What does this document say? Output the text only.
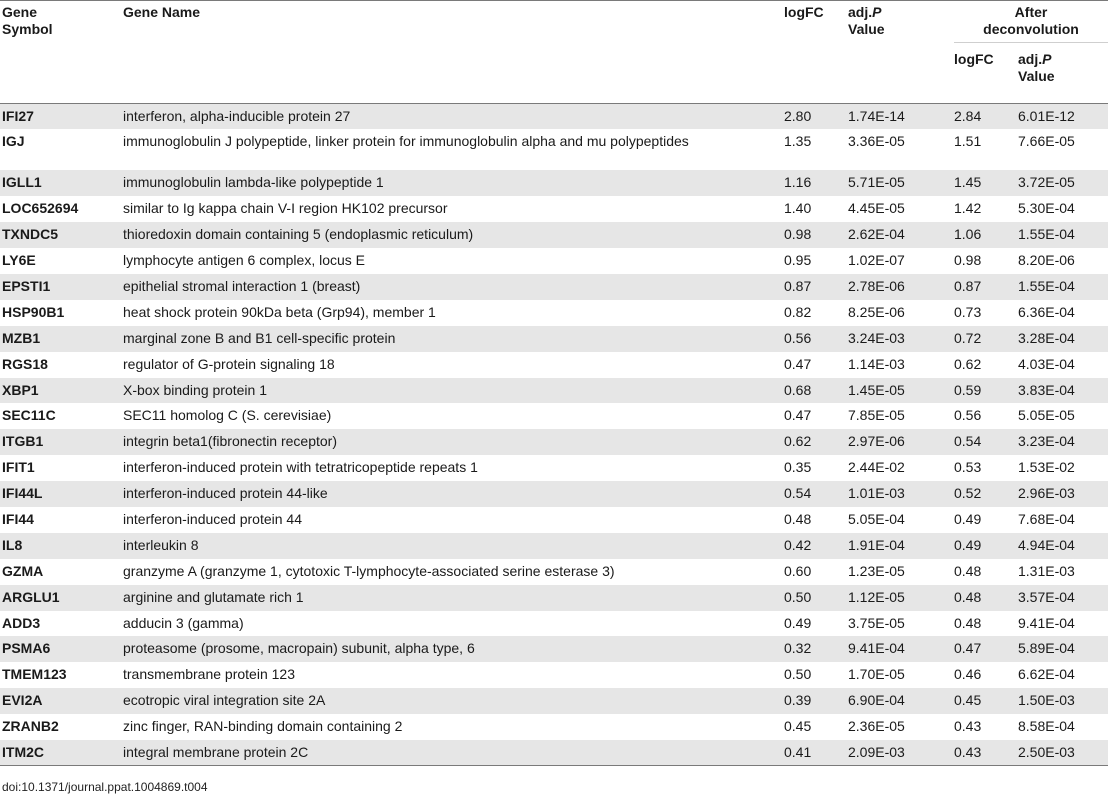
Gene
Symbol	Gene Name	logFC	adj.P
Value	After
deconvolution	
				logFC	adj.P
Value
IFI27	interferon, alpha-inducible protein 27	2.80	1.74E-14	2.84	6.01E-12
IGJ	immunoglobulin J polypeptide, linker protein for immunoglobulin alpha and mu polypeptides	1.35	3.36E-05	1.51	7.66E-05
IGLL1	immunoglobulin lambda-like polypeptide 1	1.16	5.71E-05	1.45	3.72E-05
LOC652694	similar to Ig kappa chain V-I region HK102 precursor	1.40	4.45E-05	1.42	5.30E-04
TXNDC5	thioredoxin domain containing 5 (endoplasmic reticulum)	0.98	2.62E-04	1.06	1.55E-04
LY6E	lymphocyte antigen 6 complex, locus E	0.95	1.02E-07	0.98	8.20E-06
EPSTI1	epithelial stromal interaction 1 (breast)	0.87	2.78E-06	0.87	1.55E-04
HSP90B1	heat shock protein 90kDa beta (Grp94), member 1	0.82	8.25E-06	0.73	6.36E-04
MZB1	marginal zone B and B1 cell-specific protein	0.56	3.24E-03	0.72	3.28E-04
RGS18	regulator of G-protein signaling 18	0.47	1.14E-03	0.62	4.03E-04
XBP1	X-box binding protein 1	0.68	1.45E-05	0.59	3.83E-04
SEC11C	SEC11 homolog C (S. cerevisiae)	0.47	7.85E-05	0.56	5.05E-05
ITGB1	integrin beta1(fibronectin receptor)	0.62	2.97E-06	0.54	3.23E-04
IFIT1	interferon-induced protein with tetratricopeptide repeats 1	0.35	2.44E-02	0.53	1.53E-02
IFI44L	interferon-induced protein 44-like	0.54	1.01E-03	0.52	2.96E-03
IFI44	interferon-induced protein 44	0.48	5.05E-04	0.49	7.68E-04
IL8	interleukin 8	0.42	1.91E-04	0.49	4.94E-04
GZMA	granzyme A (granzyme 1, cytotoxic T-lymphocyte-associated serine esterase 3)	0.60	1.23E-05	0.48	1.31E-03
ARGLU1	arginine and glutamate rich 1	0.50	1.12E-05	0.48	3.57E-04
ADD3	adducin 3 (gamma)	0.49	3.75E-05	0.48	9.41E-04
PSMA6	proteasome (prosome, macropain) subunit, alpha type, 6	0.32	9.41E-04	0.47	5.89E-04
TMEM123	transmembrane protein 123	0.50	1.70E-05	0.46	6.62E-04
EVI2A	ecotropic viral integration site 2A	0.39	6.90E-04	0.45	1.50E-03
ZRANB2	zinc finger, RAN-binding domain containing 2	0.45	2.36E-05	0.43	8.58E-04
ITM2C	integral membrane protein 2C	0.41	2.09E-03	0.43	2.50E-03
doi:10.1371/journal.ppat.1004869.t004
